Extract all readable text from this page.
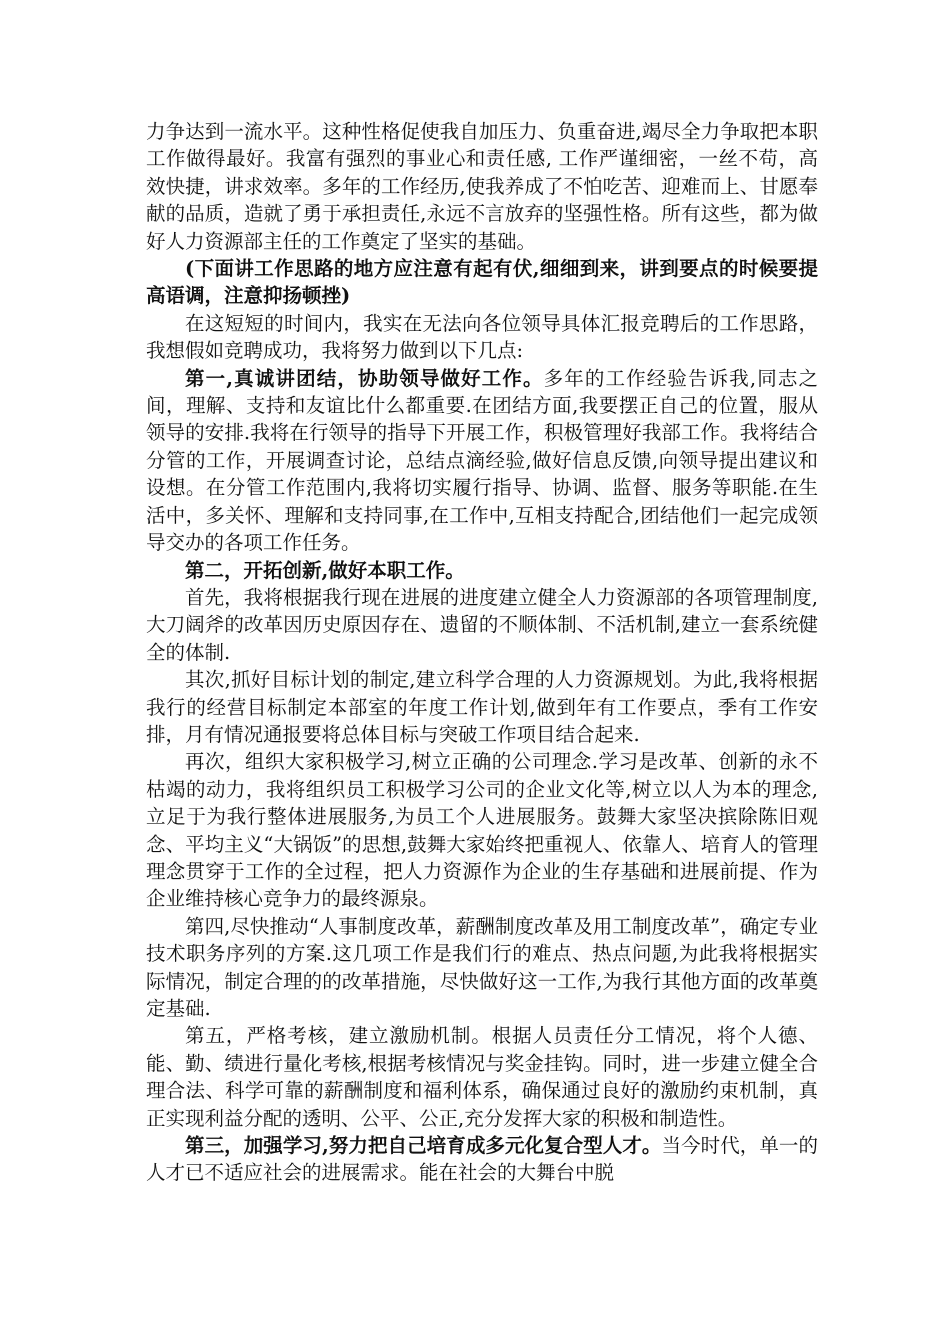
力争达到一流水平。这种性格促使我自加压力、负重奋进,竭尽全力争取把本职工作做得最好。我富有强烈的事业心和责任感, 工作严谨细密，一丝不苟，高效快捷，讲求效率。多年的工作经历,使我养成了不怕吃苦、迎难而上、甘愿奉献的品质，造就了勇于承担责任,永远不言放弃的坚强性格。所有这些，都为做好人力资源部主任的工作奠定了坚实的基础。

(下面讲工作思路的地方应注意有起有伏,细细到来，讲到要点的时候要提高语调，注意抑扬顿挫)

在这短短的时间内，我实在无法向各位领导具体汇报竞聘后的工作思路，我想假如竞聘成功，我将努力做到以下几点:

第一,真诚讲团结，协助领导做好工作。多年的工作经验告诉我,同志之间，理解、支持和友谊比什么都重要.在团结方面,我要摆正自己的位置，服从领导的安排.我将在行领导的指导下开展工作，积极管理好我部工作。我将结合分管的工作，开展调查讨论，总结点滴经验,做好信息反馈,向领导提出建议和设想。在分管工作范围内,我将切实履行指导、协调、监督、服务等职能.在生活中，多关怀、理解和支持同事,在工作中,互相支持配合,团结他们一起完成领导交办的各项工作任务。

第二，开拓创新,做好本职工作。

首先，我将根据我行现在进展的进度建立健全人力资源部的各项管理制度,大刀阔斧的改革因历史原因存在、遗留的不顺体制、不活机制,建立一套系统健全的体制.

其次,抓好目标计划的制定,建立科学合理的人力资源规划。为此,我将根据我行的经营目标制定本部室的年度工作计划,做到年有工作要点，季有工作安排，月有情况通报要将总体目标与突破工作项目结合起来.

再次，组织大家积极学习,树立正确的公司理念.学习是改革、创新的永不枯竭的动力，我将组织员工积极学习公司的企业文化等,树立以人为本的理念,立足于为我行整体进展服务,为员工个人进展服务。鼓舞大家坚决摈除陈旧观念、平均主义“大锅饭”的思想,鼓舞大家始终把重视人、依靠人、培育人的管理理念贯穿于工作的全过程，把人力资源作为企业的生存基础和进展前提、作为企业维持核心竞争力的最终源泉。

第四,尽快推动“人事制度改革，薪酬制度改革及用工制度改革”，确定专业技术职务序列的方案.这几项工作是我们行的难点、热点问题,为此我将根据实际情况，制定合理的的改革措施，尽快做好这一工作,为我行其他方面的改革奠定基础.

第五，严格考核，建立激励机制。根据人员责任分工情况，将个人德、能、勤、绩进行量化考核,根据考核情况与奖金挂钩。同时，进一步建立健全合理合法、科学可靠的薪酬制度和福利体系，确保通过良好的激励约束机制，真正实现利益分配的透明、公平、公正,充分发挥大家的积极和制造性。

第三，加强学习,努力把自己培育成多元化复合型人才。当今时代，单一的人才已不适应社会的进展需求。能在社会的大舞台中脱
